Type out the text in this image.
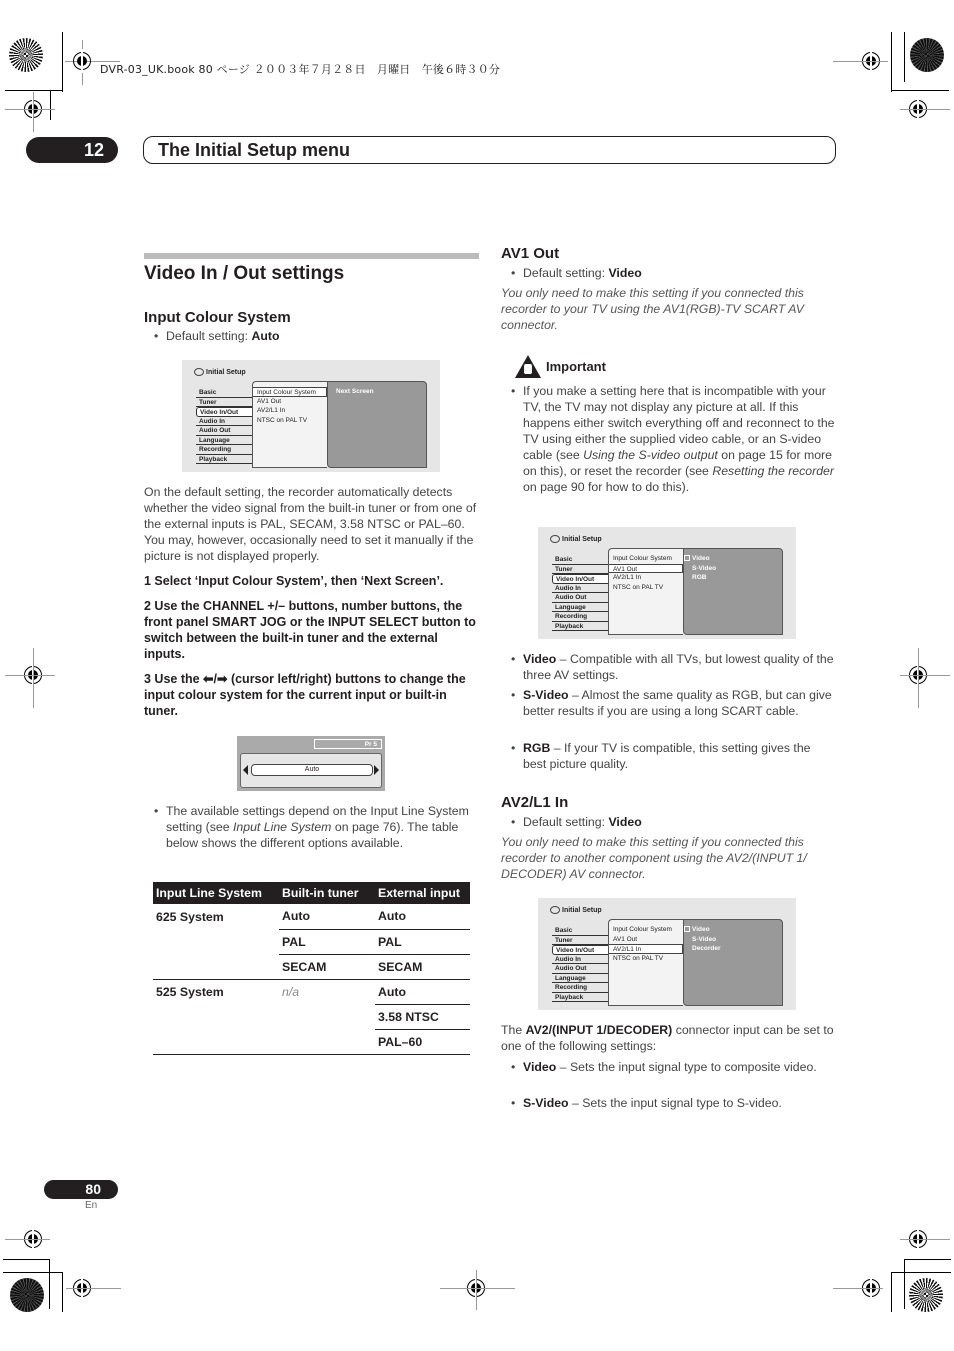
DVR-03_UK.book 80 ページ ２００３年７月２８日　月曜日　午後６時３０分
12	The Initial Setup menu
Video In / Out settings
Input Colour System
• Default setting: Auto
Initial Setup
Basic
Tuner
Video In/Out
Audio In
Audio Out
Language
Recording
Playback
Input Colour System
AV1 Out
AV2/L1 In
NTSC on PAL TV
Next Screen
On the default setting, the recorder automatically detects whether the video signal from the built-in tuner or from one of the external inputs is PAL, SECAM, 3.58 NTSC or PAL–60. You may, however, occasionally need to set it manually if the picture is not displayed properly.
1 Select ‘Input Colour System’, then ‘Next Screen’.
2 Use the CHANNEL +/– buttons, number buttons, the front panel SMART JOG or the INPUT SELECT button to switch between the built-in tuner and the external inputs.
3 Use the ⬅/➡ (cursor left/right) buttons to change the input colour system for the current input or built-in tuner.
Pr 5
Auto
• The available settings depend on the Input Line System setting (see Input Line System on page 76). The table below shows the different options available.
Input Line System	Built-in tuner	External input
625 System	Auto	Auto
	PAL	PAL
	SECAM	SECAM
525 System	n/a	Auto
		3.58 NTSC
		PAL–60
AV1 Out
• Default setting: Video
You only need to make this setting if you connected this recorder to your TV using the AV1(RGB)-TV SCART AV connector.
Important
• If you make a setting here that is incompatible with your TV, the TV may not display any picture at all. If this happens either switch everything off and reconnect to the TV using either the supplied video cable, or an S-video cable (see Using the S-video output on page 15 for more on this), or reset the recorder (see Resetting the recorder on page 90 for how to do this).
Initial Setup
Basic
Tuner
Video In/Out
Audio In
Audio Out
Language
Recording
Playback
Input Colour System
AV1 Out
AV2/L1 In
NTSC on PAL TV
Video
S-Video
RGB
• Video – Compatible with all TVs, but lowest quality of the three AV settings.
• S-Video – Almost the same quality as RGB, but can give better results if you are using a long SCART cable.
• RGB – If your TV is compatible, this setting gives the best picture quality.
AV2/L1 In
• Default setting: Video
You only need to make this setting if you connected this recorder to another component using the AV2/(INPUT 1/ DECODER) AV connector.
Initial Setup
Basic
Tuner
Video In/Out
Audio In
Audio Out
Language
Recording
Playback
Input Colour System
AV1 Out
AV2/L1 In
NTSC on PAL TV
Video
S-Video
Decorder
The AV2/(INPUT 1/DECODER) connector input can be set to one of the following settings:
• Video – Sets the input signal type to composite video.
• S-Video – Sets the input signal type to S-video.
80
En
